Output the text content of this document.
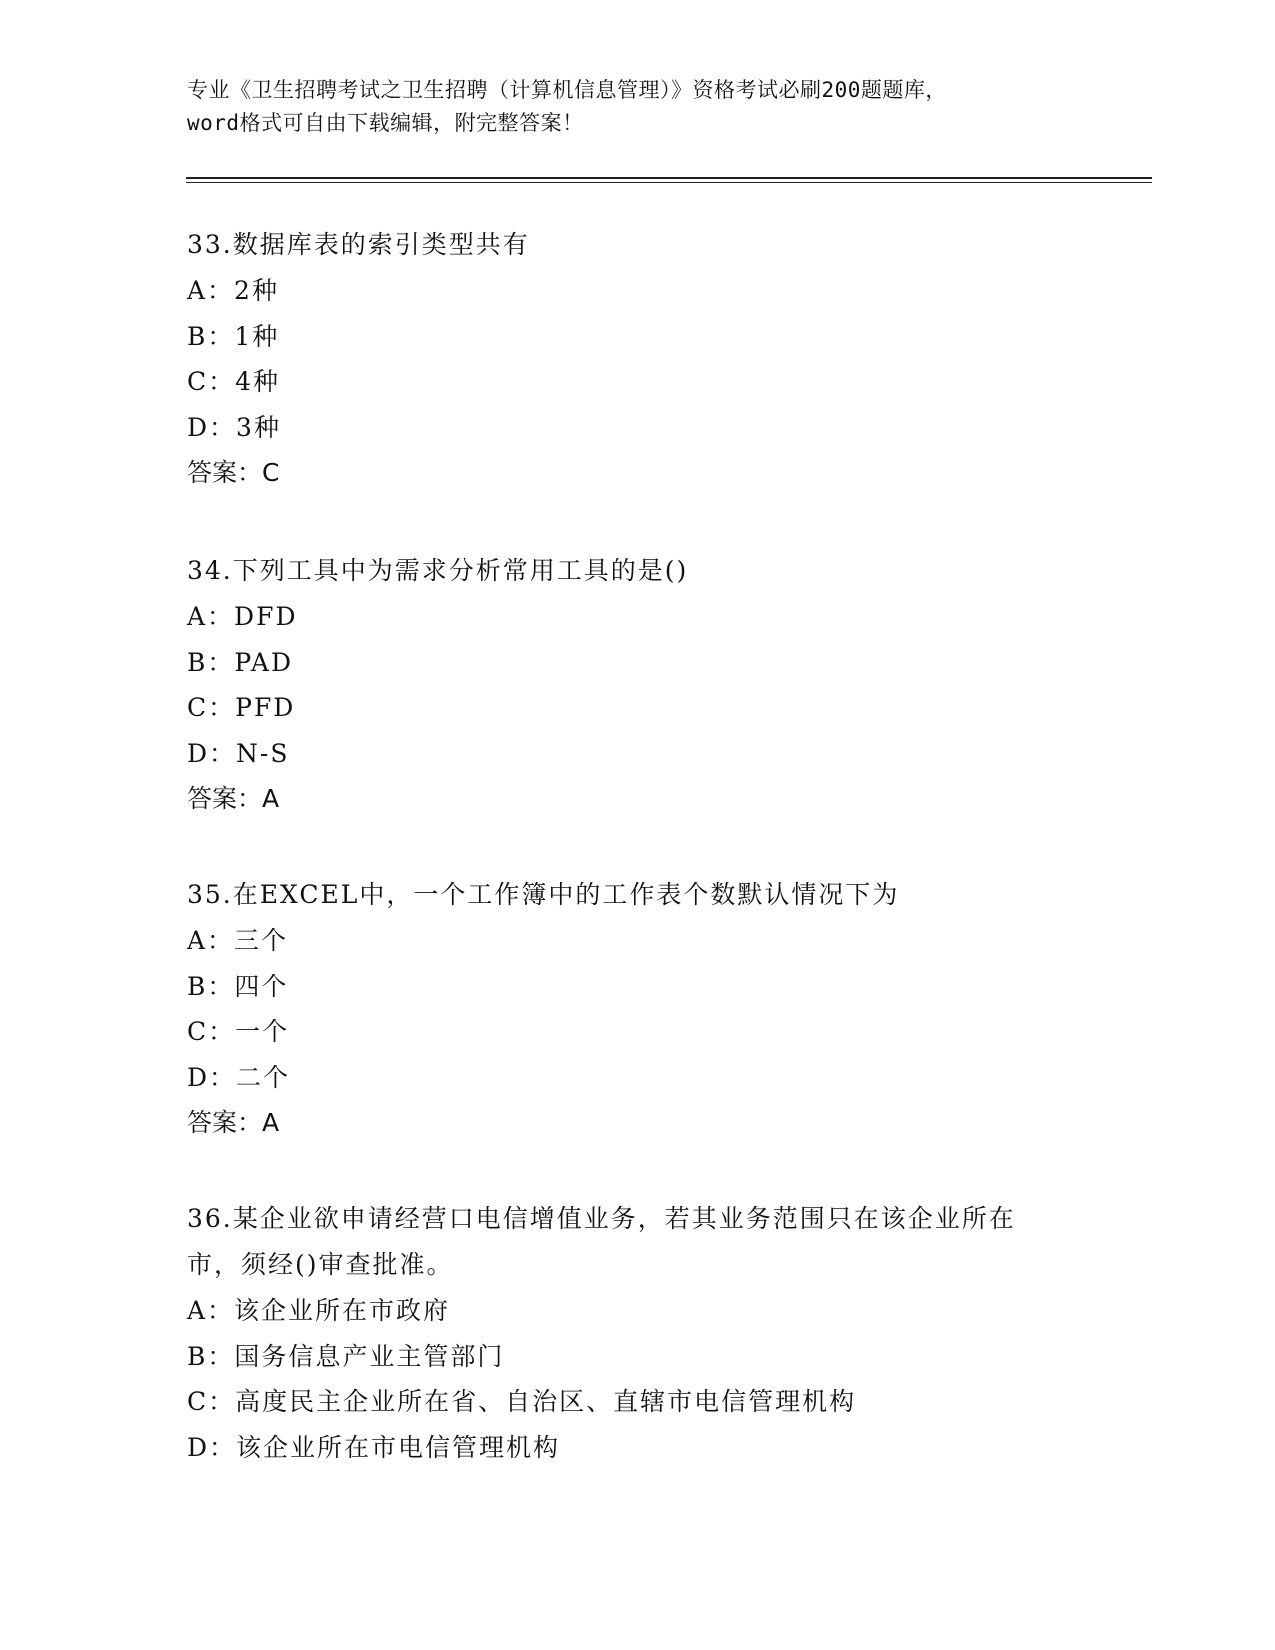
专业《卫生招聘考试之卫生招聘（计算机信息管理）》资格考试必刷200题题库，
word格式可自由下载编辑，附完整答案！

33.数据库表的索引类型共有

A：2种

B：1种

C：4种

D：3种

答案：C

34.下列工具中为需求分析常用工具的是()

A：DFD

B：PAD

C：PFD

D：N-S

答案：A

35.在EXCEL中，一个工作簿中的工作表个数默认情况下为

A：三个

B：四个

C：一个

D：二个

答案：A

36.某企业欲申请经营口电信增值业务，若其业务范围只在该企业所在

市，须经()审查批准。

A：该企业所在市政府

B：国务信息产业主管部门

C：高度民主企业所在省、自治区、直辖市电信管理机构

D：该企业所在市电信管理机构
